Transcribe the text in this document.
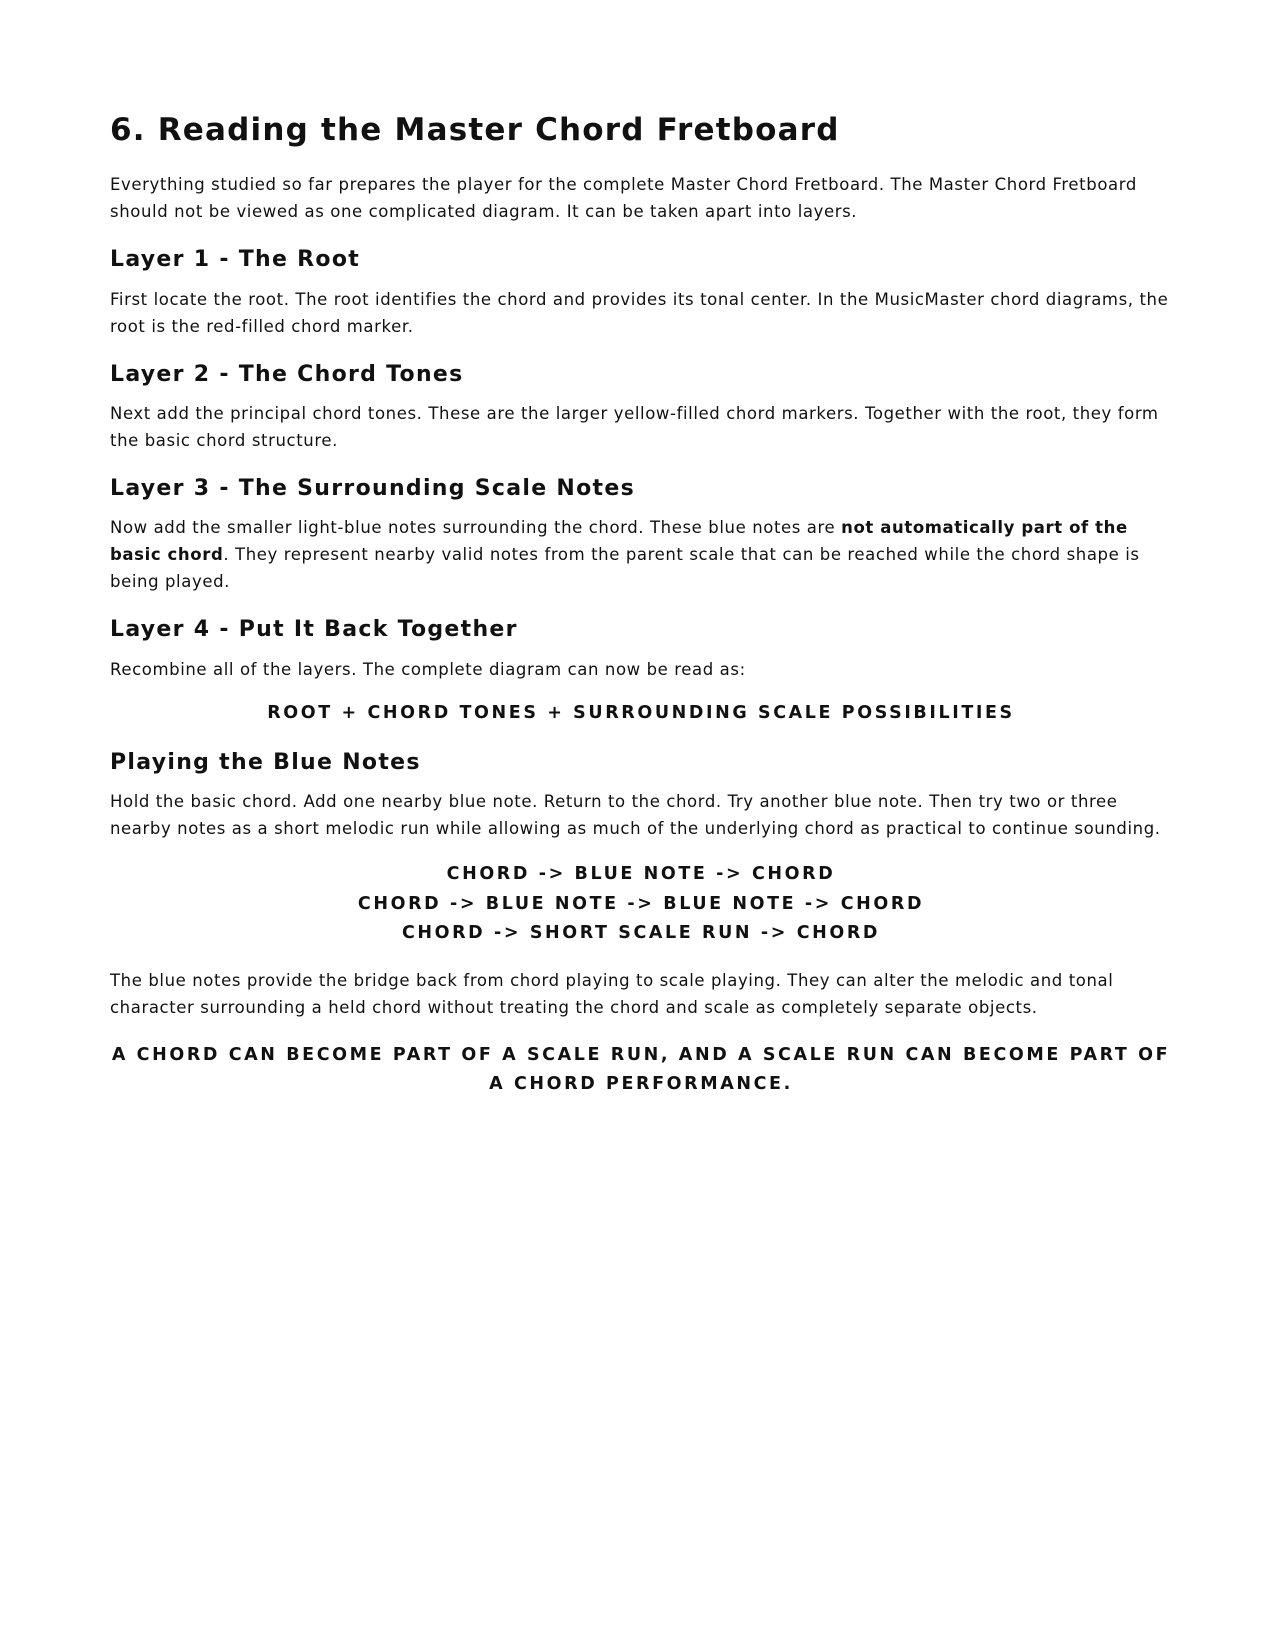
6. Reading the Master Chord Fretboard

Everything studied so far prepares the player for the complete Master Chord Fretboard. The Master Chord Fretboard should not be viewed as one complicated diagram. It can be taken apart into layers.

Layer 1 - The Root

First locate the root. The root identifies the chord and provides its tonal center. In the MusicMaster chord diagrams, the root is the red-filled chord marker.

Layer 2 - The Chord Tones

Next add the principal chord tones. These are the larger yellow-filled chord markers. Together with the root, they form the basic chord structure.

Layer 3 - The Surrounding Scale Notes

Now add the smaller light-blue notes surrounding the chord. These blue notes are not automatically part of the basic chord. They represent nearby valid notes from the parent scale that can be reached while the chord shape is being played.

Layer 4 - Put It Back Together

Recombine all of the layers. The complete diagram can now be read as:

ROOT + CHORD TONES + SURROUNDING SCALE POSSIBILITIES
Playing the Blue Notes

Hold the basic chord. Add one nearby blue note. Return to the chord. Try another blue note. Then try two or three nearby notes as a short melodic run while allowing as much of the underlying chord as practical to continue sounding.

CHORD -> BLUE NOTE -> CHORD
CHORD -> BLUE NOTE -> BLUE NOTE -> CHORD
CHORD -> SHORT SCALE RUN -> CHORD

The blue notes provide the bridge back from chord playing to scale playing. They can alter the melodic and tonal character surrounding a held chord without treating the chord and scale as completely separate objects.

A CHORD CAN BECOME PART OF A SCALE RUN, AND A SCALE RUN CAN BECOME PART OF A CHORD PERFORMANCE.
